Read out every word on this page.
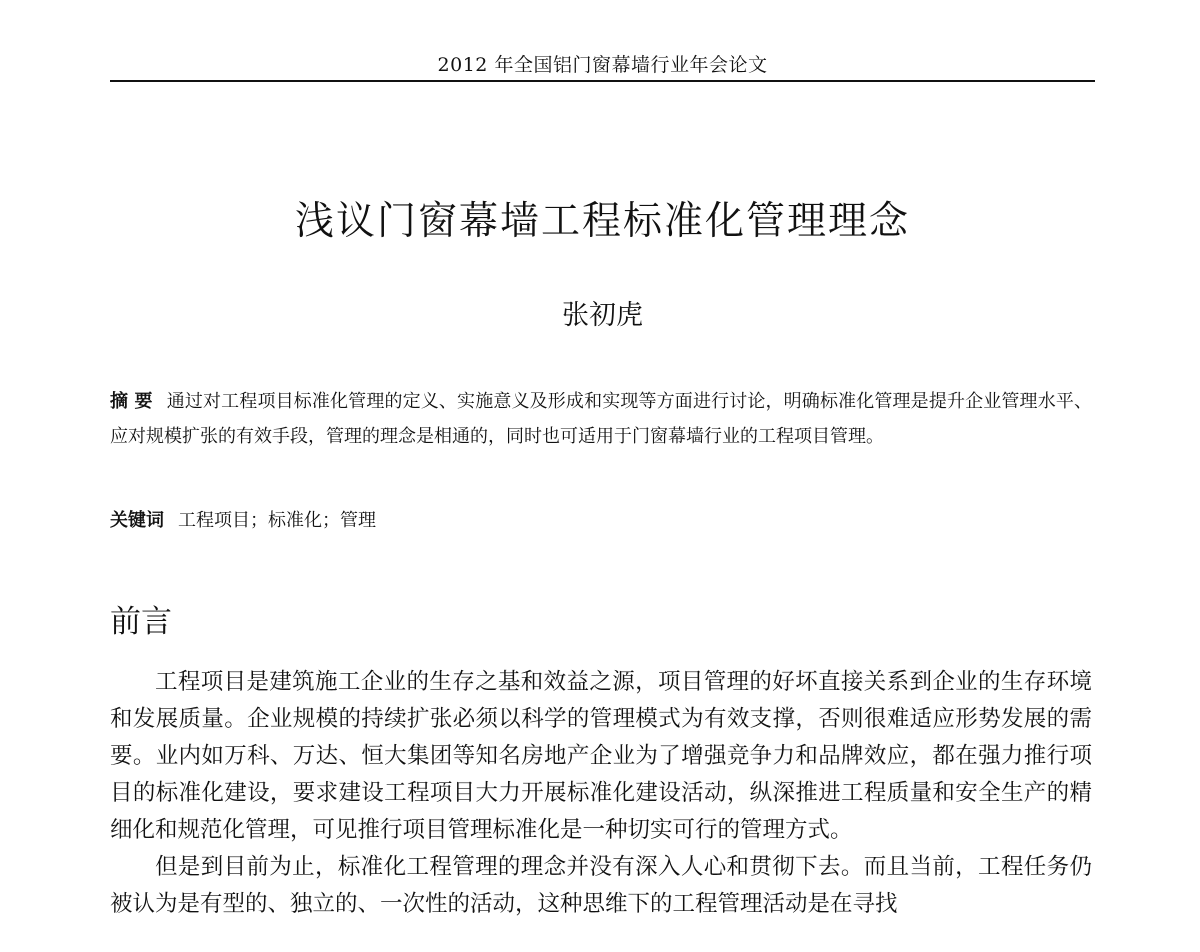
2012 年全国铝门窗幕墙行业年会论文
浅议门窗幕墙工程标准化管理理念
张初虎

摘 要 通过对工程项目标准化管理的定义、实施意义及形成和实现等方面进行讨论，明确标准化管理是提升企业管理水平、应对规模扩张的有效手段，管理的理念是相通的，同时也可适用于门窗幕墙行业的工程项目管理。

关键词 工程项目；标准化；管理

前言

工程项目是建筑施工企业的生存之基和效益之源，项目管理的好坏直接关系到企业的生存环境和发展质量。企业规模的持续扩张必须以科学的管理模式为有效支撑，否则很难适应形势发展的需要。业内如万科、万达、恒大集团等知名房地产企业为了增强竞争力和品牌效应，都在强力推行项目的标准化建设，要求建设工程项目大力开展标准化建设活动，纵深推进工程质量和安全生产的精细化和规范化管理，可见推行项目管理标准化是一种切实可行的管理方式。

但是到目前为止，标准化工程管理的理念并没有深入人心和贯彻下去。而且当前，工程任务仍被认为是有型的、独立的、一次性的活动，这种思维下的工程管理活动是在寻找
